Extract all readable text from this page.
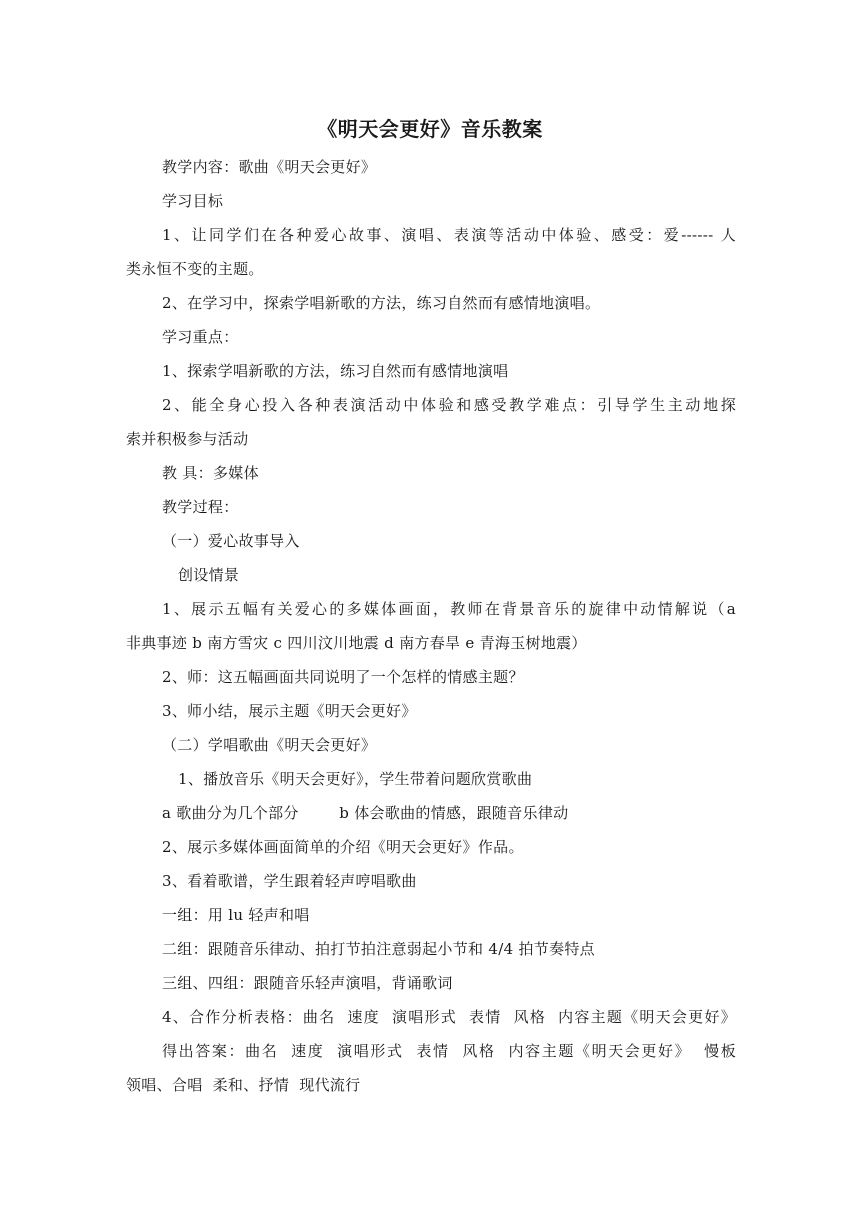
《明天会更好》音乐教案
教学内容：歌曲《明天会更好》
学习目标
1、让同学们在各种爱心故事、演唱、表演等活动中体验、感受：爱------ 人
类永恒不变的主题。
2、在学习中，探索学唱新歌的方法，练习自然而有感情地演唱。
学习重点：
1、探索学唱新歌的方法，练习自然而有感情地演唱
2、能全身心投入各种表演活动中体验和感受教学难点：引导学生主动地探
索并积极参与活动
教 具：多媒体
教学过程：
（一）爱心故事导入
创设情景
1、展示五幅有关爱心的多媒体画面，教师在背景音乐的旋律中动情解说（a
非典事迹 b 南方雪灾 c 四川汶川地震 d 南方春旱 e 青海玉树地震）
2、师：这五幅画面共同说明了一个怎样的情感主题？
3、师小结，展示主题《明天会更好》
（二）学唱歌曲《明天会更好》
1、播放音乐《明天会更好》，学生带着问题欣赏歌曲
a 歌曲分为几个部分        b 体会歌曲的情感，跟随音乐律动
2、展示多媒体画面简单的介绍《明天会更好》作品。
3、看着歌谱，学生跟着轻声哼唱歌曲
一组：用 lu 轻声和唱
二组：跟随音乐律动、拍打节拍注意弱起小节和 4/4 拍节奏特点
三组、四组：跟随音乐轻声演唱，背诵歌词
4、合作分析表格：曲名  速度  演唱形式  表情  风格  内容主题《明天会更好》
得出答案：曲名  速度  演唱形式  表情  风格  内容主题《明天会更好》  慢板
领唱、合唱  柔和、抒情  现代流行
